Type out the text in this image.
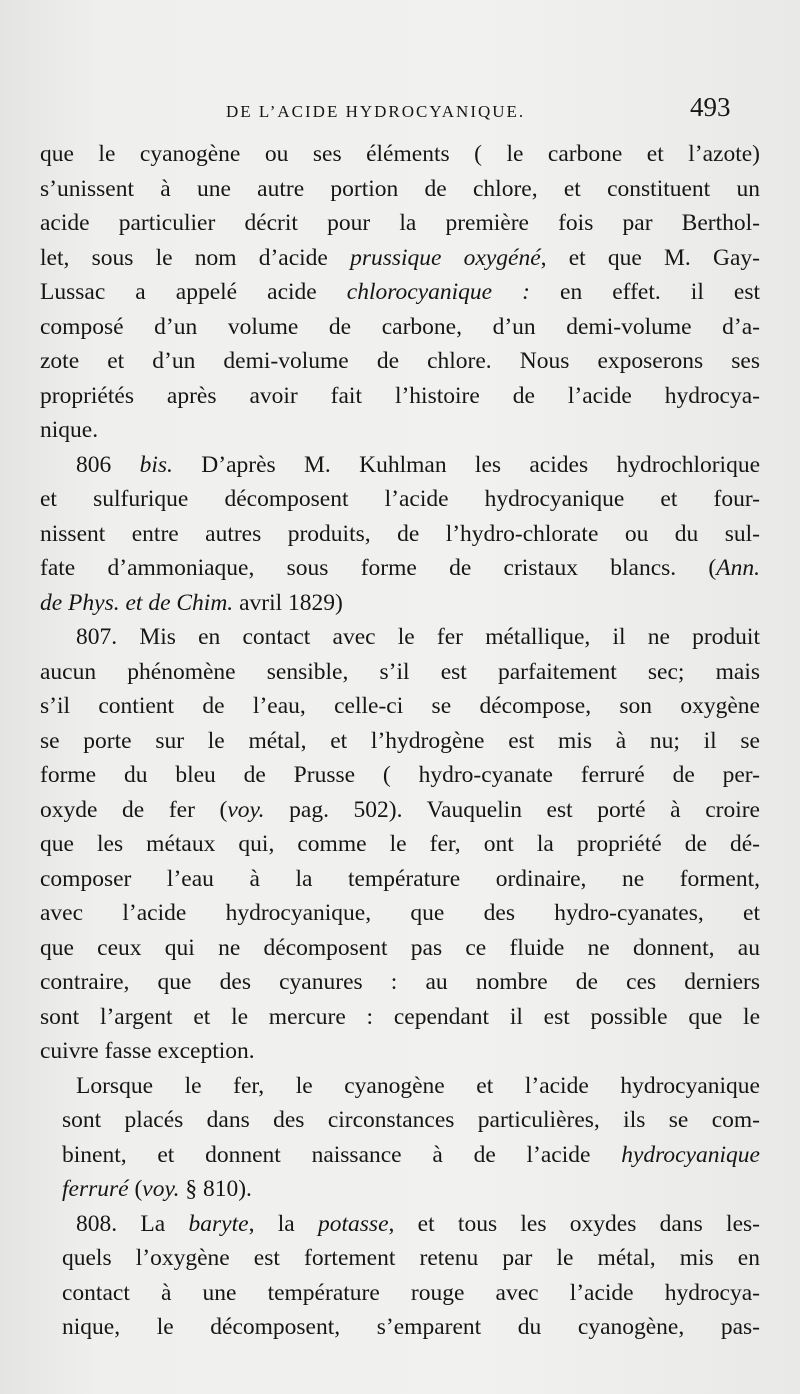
DE L’ACIDE HYDROCYANIQUE.	493
que le cyanogène ou ses éléments ( le carbone et l’azote)
s’unissent à une autre portion de chlore, et constituent un
acide particulier décrit pour la première fois par Berthol-
let, sous le nom d’acide prussique oxygéné, et que M. Gay-
Lussac a appelé acide chlorocyanique : en effet. il est
composé d’un volume de carbone, d’un demi-volume d’a-
zote et d’un demi-volume de chlore. Nous exposerons ses
propriétés après avoir fait l’histoire de l’acide hydrocya-
nique.
806 bis. D’après M. Kuhlman les acides hydrochlorique
et sulfurique décomposent l’acide hydrocyanique et four-
nissent entre autres produits, de l’hydro-chlorate ou du sul-
fate d’ammoniaque, sous forme de cristaux blancs. (Ann.
de Phys. et de Chim. avril 1829)
807. Mis en contact avec le fer métallique, il ne produit
aucun phénomène sensible, s’il est parfaitement sec; mais
s’il contient de l’eau, celle-ci se décompose, son oxygène
se porte sur le métal, et l’hydrogène est mis à nu; il se
forme du bleu de Prusse ( hydro-cyanate ferruré de per-
oxyde de fer (voy. pag. 502). Vauquelin est porté à croire
que les métaux qui, comme le fer, ont la propriété de dé-
composer l’eau à la température ordinaire, ne forment,
avec l’acide hydrocyanique, que des hydro-cyanates, et
que ceux qui ne décomposent pas ce fluide ne donnent, au
contraire, que des cyanures : au nombre de ces derniers
sont l’argent et le mercure : cependant il est possible que le
cuivre fasse exception.
Lorsque le fer, le cyanogène et l’acide hydrocyanique
sont placés dans des circonstances particulières, ils se com-
binent, et donnent naissance à de l’acide hydrocyanique
ferruré (voy. § 810).
808. La baryte, la potasse, et tous les oxydes dans les-
quels l’oxygène est fortement retenu par le métal, mis en
contact à une température rouge avec l’acide hydrocya-
nique, le décomposent, s’emparent du cyanogène, pas-
